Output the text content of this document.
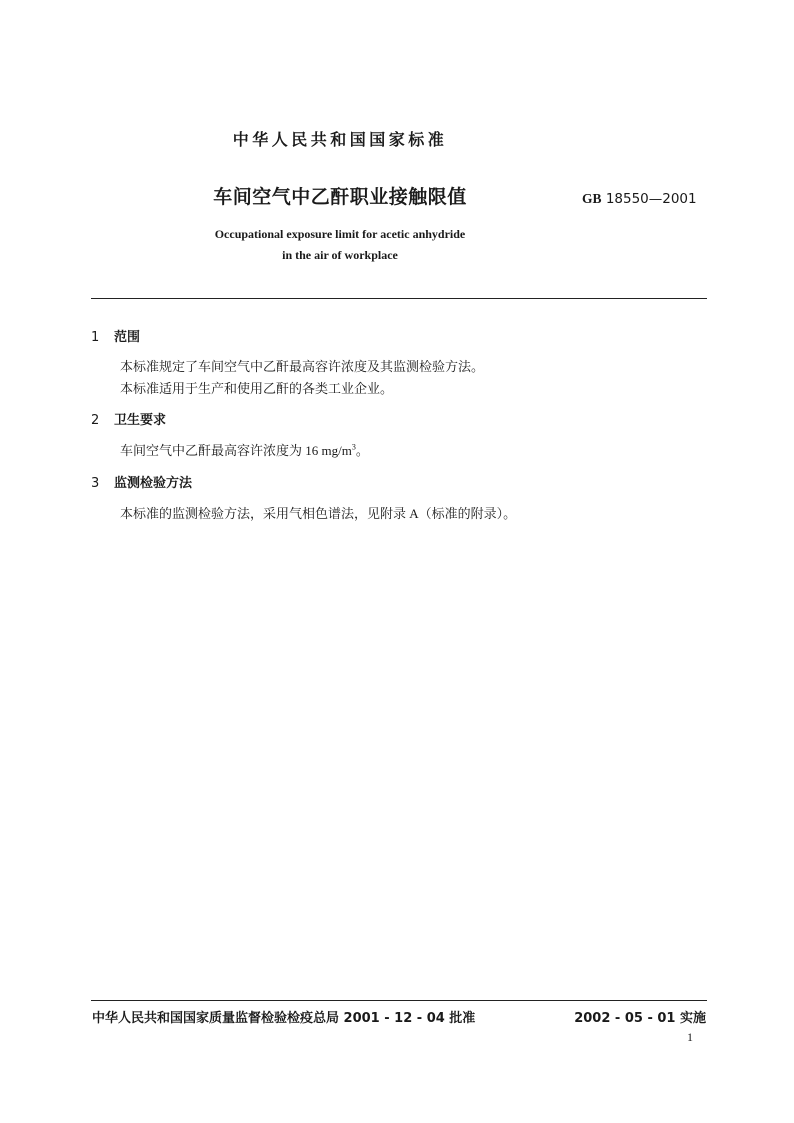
中华人民共和国国家标准
车间空气中乙酐职业接触限值	GB 18550—2001
Occupational exposure limit for acetic anhydride
in the air of workplace
1 范围
本标准规定了车间空气中乙酐最高容许浓度及其监测检验方法。
本标准适用于生产和使用乙酐的各类工业企业。
2 卫生要求
车间空气中乙酐最高容许浓度为 16 $mg/m^3$。
3 监测检验方法
本标准的监测检验方法，采用气相色谱法，见附录 A（标准的附录）。
中华人民共和国国家质量监督检验检疫总局 2001 - 12 - 04 批准	2002 - 05 - 01 实施
1
